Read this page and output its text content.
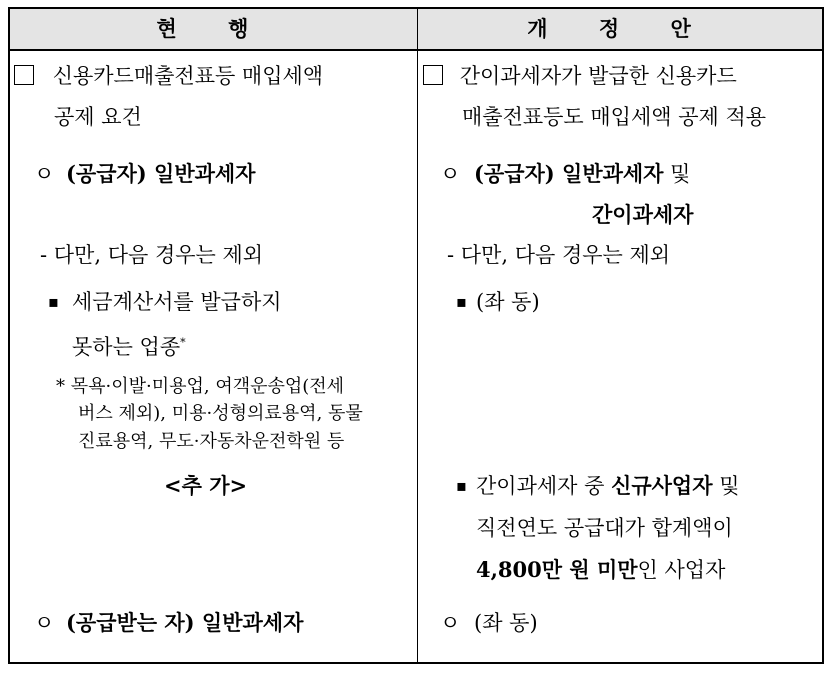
현 행	개 정 안
신용카드매출전표등 매입세액
공제 요건
ㅇ (공급자) 일반과세자
- 다만, 다음 경우는 제외
▪ 세금계산서를 발급하지
못하는 업종*
* 목욕·이발·미용업, 여객운송업(전세
버스 제외), 미용·성형의료용역, 동물
진료용역, 무도·자동차운전학원 등
<추 가>
ㅇ (공급받는 자) 일반과세자
간이과세자가 발급한 신용카드
매출전표등도 매입세액 공제 적용
ㅇ (공급자) 일반과세자 및
간이과세자
- 다만, 다음 경우는 제외
▪ (좌 동)
▪ 간이과세자 중 신규사업자 및
직전연도 공급대가 합계액이
4,800만 원 미만인 사업자
ㅇ (좌 동)
